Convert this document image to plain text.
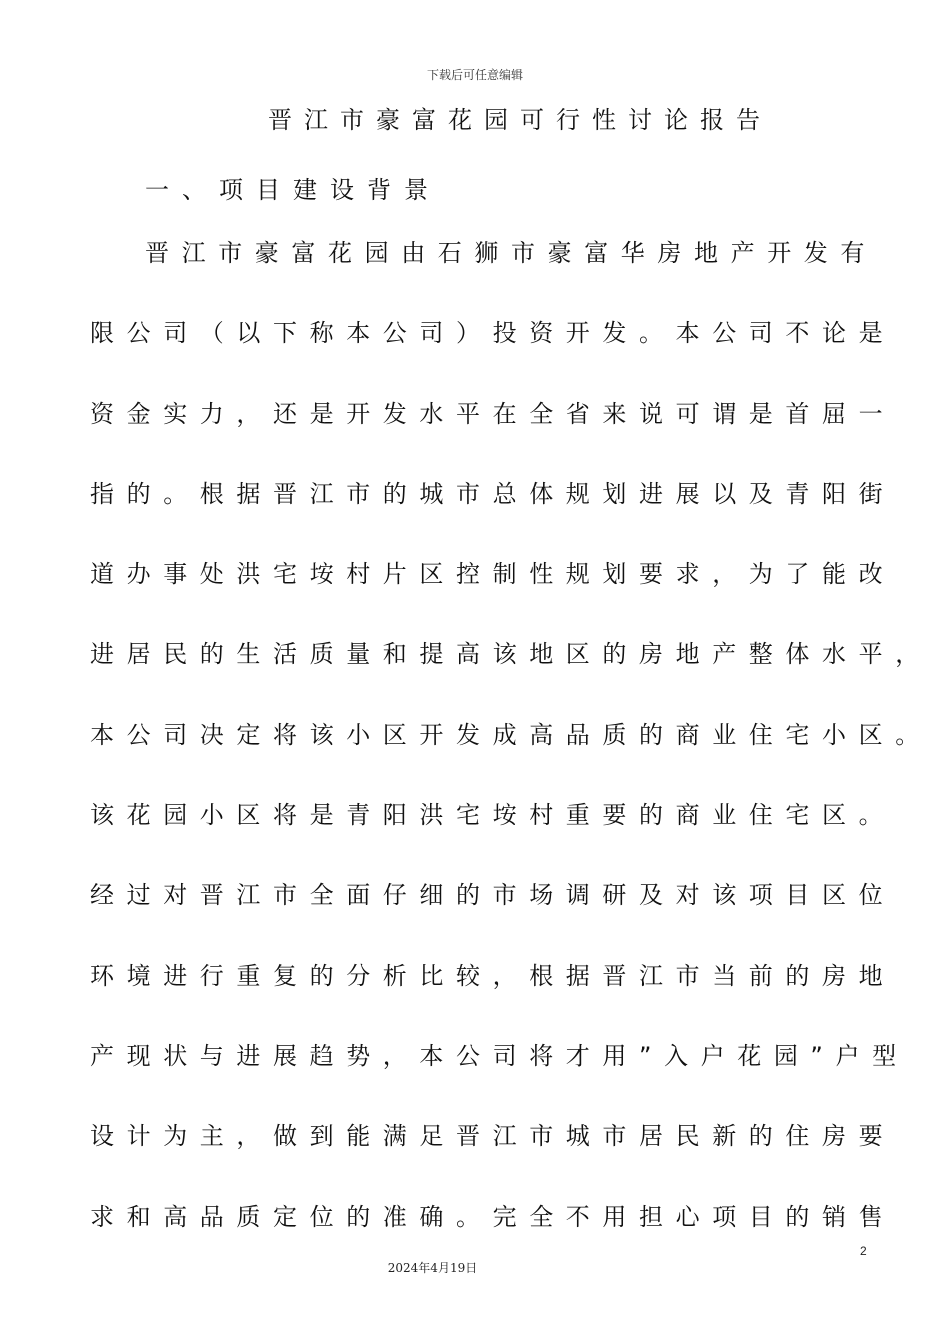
下载后可任意编辑
晋江市豪富花园可行性讨论报告
一、项目建设背景
晋江市豪富花园由石狮市豪富华房地产开发有
限公司（以下称本公司）投资开发。本公司不论是
资金实力，还是开发水平在全省来说可谓是首屈一
指的。根据晋江市的城市总体规划进展以及青阳街
道办事处洪宅垵村片区控制性规划要求，为了能改
进居民的生活质量和提高该地区的房地产整体水平，
本公司决定将该小区开发成高品质的商业住宅小区。
该花园小区将是青阳洪宅垵村重要的商业住宅区。
经过对晋江市全面仔细的市场调研及对该项目区位
环境进行重复的分析比较，根据晋江市当前的房地
产现状与进展趋势，本公司将才用”入户花园”户型
设计为主，做到能满足晋江市城市居民新的住房要
求和高品质定位的准确。完全不用担心项目的销售
2
2024年4月19日
